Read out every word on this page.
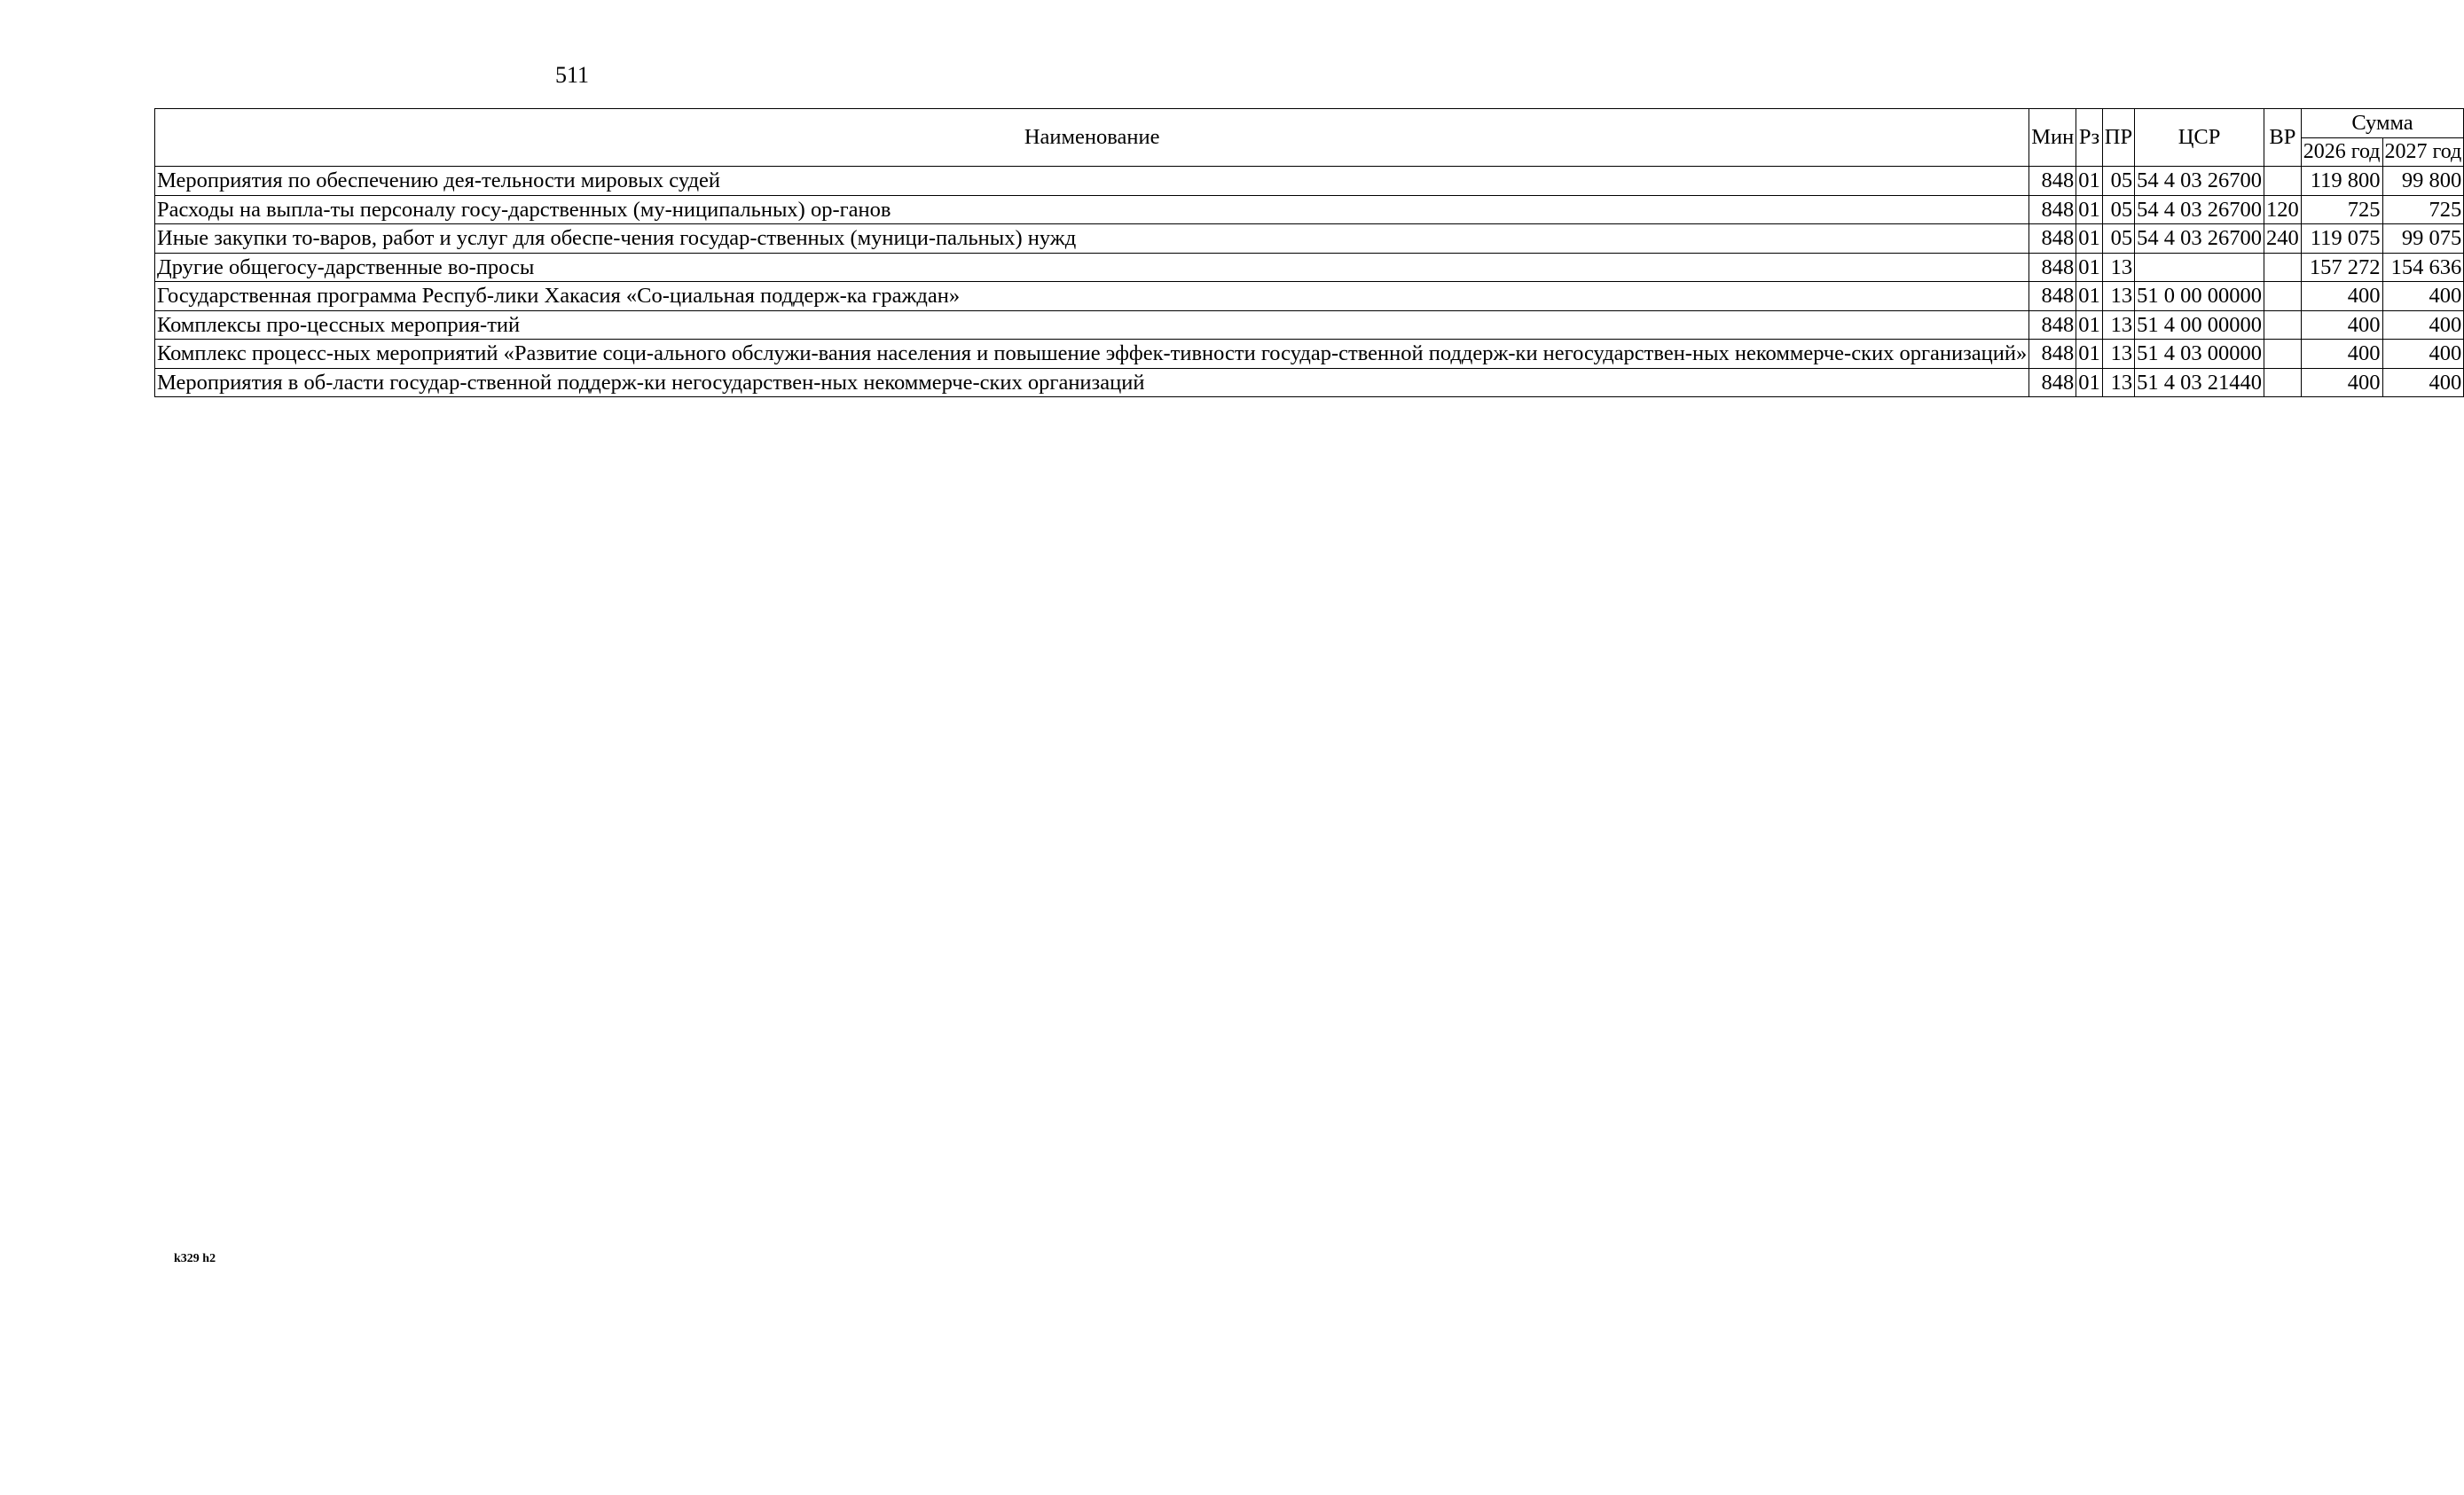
511
Наименование	Мин	Рз	ПР	ЦСР	ВР	Сумма	
						2026 год	2027 год
Мероприятия по обеспечению дея-тельности мировых судей	848	01	05	54 4 03 26700		119 800	99 800
Расходы на выпла-ты персоналу госу-дарственных (му-ниципальных) ор-ганов	848	01	05	54 4 03 26700	120	725	725
Иные закупки то-варов, работ и услуг для обеспе-чения государ-ственных (муници-пальных) нужд	848	01	05	54 4 03 26700	240	119 075	99 075
Другие общегосу-дарственные во-просы	848	01	13			157 272	154 636
Государственная программа Респуб-лики Хакасия «Со-циальная поддерж-ка граждан»	848	01	13	51 0 00 00000		400	400
Комплексы про-цессных мероприя-тий	848	01	13	51 4 00 00000		400	400
Комплекс процесс-ных мероприятий «Развитие соци-ального обслужи-вания населения и повышение эффек-тивности государ-ственной поддерж-ки негосударствен-ных некоммерче-ских организаций»	848	01	13	51 4 03 00000		400	400
Мероприятия в об-ласти государ-ственной поддерж-ки негосударствен-ных некоммерче-ских организаций	848	01	13	51 4 03 21440		400	400
k329 h2
